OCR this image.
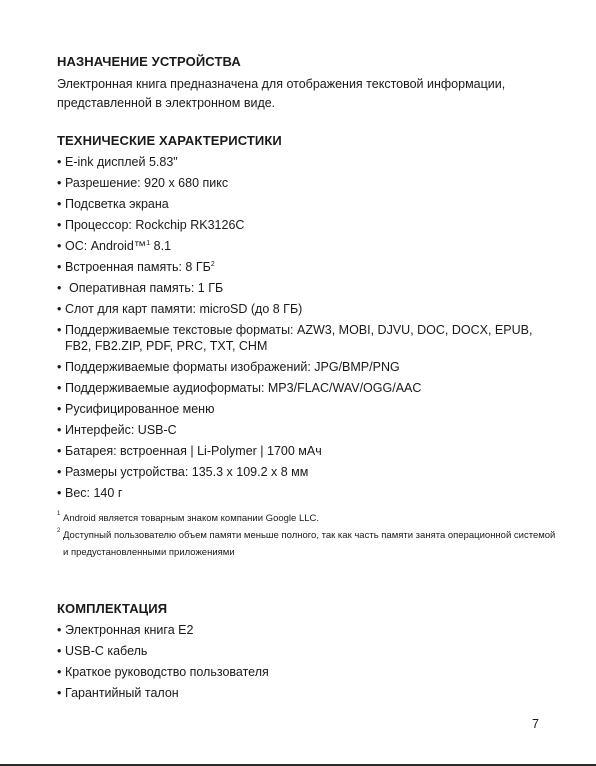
НАЗНАЧЕНИЕ УСТРОЙСТВА

Электронная книга предназначена для отображения текстовой информации, представленной в электронном виде.

ТЕХНИЧЕСКИЕ ХАРАКТЕРИСТИКИ
• E-ink дисплей 5.83"
• Разрешение: 920 x 680 пикс
• Подсветка экрана
• Процессор: Rockchip RK3126C
• ОС: Android™$^1$ 8.1
• Встроенная память: 8 $ГБ^2$
• Оперативная память: 1 ГБ
• Слот для карт памяти: microSD (до 8 ГБ)
• Поддерживаемые текстовые форматы: AZW3, MOBI, DJVU, DOC, DOCX, EPUB, FB2, FB2.ZIP, PDF, PRC, TXT, CHM
• Поддерживаемые форматы изображений: JPG/BMP/PNG
• Поддерживаемые аудиоформаты: MP3/FLAC/WAV/OGG/AAC
• Русифицированное меню
• Интерфейс: USB-C
• Батарея: встроенная | Li-Polymer | 1700 мАч
• Размеры устройства: 135.3 x 109.2 x 8 мм
• Вес: 140 г
1 Android является товарным знаком компании Google LLC.
2 Доступный пользователю объем памяти меньше полного, так как часть памяти занята операционной системой и предустановленными приложениями
КОМПЛЕКТАЦИЯ
• Электронная книга E2
• USB-C кабель
• Краткое руководство пользователя
• Гарантийный талон
7
